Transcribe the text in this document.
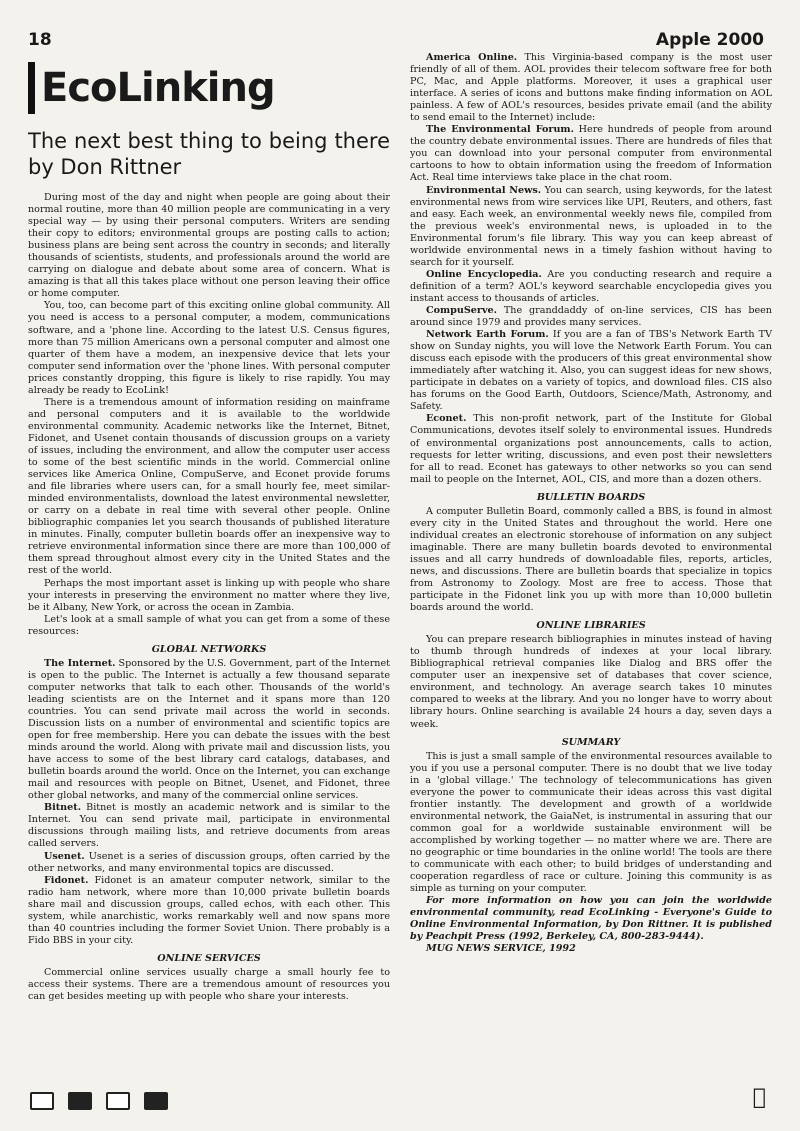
18	Apple 2000
EcoLinking
The next best thing to being there by Don Rittner

During most of the day and night when people are going about their normal routine, more than 40 million people are communicating in a very special way — by using their personal computers. Writers are sending their copy to editors; environmental groups are posting calls to action; business plans are being sent across the country in seconds; and literally thousands of scientists, students, and professionals around the world are carrying on dialogue and debate about some area of concern. What is amazing is that all this takes place without one person leaving their office or home computer.

You, too, can become part of this exciting online global community. All you need is access to a personal computer, a modem, communications software, and a 'phone line. According to the latest U.S. Census figures, more than 75 million Americans own a personal computer and almost one quarter of them have a modem, an inexpensive device that lets your computer send information over the 'phone lines. With personal computer prices constantly dropping, this figure is likely to rise rapidly. You may already be ready to EcoLink!

There is a tremendous amount of information residing on mainframe and personal computers and it is available to the worldwide environmental community. Academic networks like the Internet, Bitnet, Fidonet, and Usenet contain thousands of discussion groups on a variety of issues, including the environment, and allow the computer user access to some of the best scientific minds in the world. Commercial online services like America Online, CompuServe, and Econet provide forums and file libraries where users can, for a small hourly fee, meet similar-minded environmentalists, download the latest environmental newsletter, or carry on a debate in real time with several other people. Online bibliographic companies let you search thousands of published literature in minutes. Finally, computer bulletin boards offer an inexpensive way to retrieve environmental information since there are more than 100,000 of them spread throughout almost every city in the United States and the rest of the world.

Perhaps the most important asset is linking up with people who share your interests in preserving the environment no matter where they live, be it Albany, New York, or across the ocean in Zambia.

Let's look at a small sample of what you can get from a some of these resources:

GLOBAL NETWORKS

The Internet. Sponsored by the U.S. Government, part of the Internet is open to the public. The Internet is actually a few thousand separate computer networks that talk to each other. Thousands of the world's leading scientists are on the Internet and it spans more than 120 countries. You can send private mail across the world in seconds. Discussion lists on a number of environmental and scientific topics are open for free membership. Here you can debate the issues with the best minds around the world. Along with private mail and discussion lists, you have access to some of the best library card catalogs, databases, and bulletin boards around the world. Once on the Internet, you can exchange mail and resources with people on Bitnet, Usenet, and Fidonet, three other global networks, and many of the commercial online services.

Bitnet. Bitnet is mostly an academic network and is similar to the Internet. You can send private mail, participate in environmental discussions through mailing lists, and retrieve documents from areas called servers.

Usenet. Usenet is a series of discussion groups, often carried by the other networks, and many environmental topics are discussed.

Fidonet. Fidonet is an amateur computer network, similar to the radio ham network, where more than 10,000 private bulletin boards share mail and discussion groups, called echos, with each other. This system, while anarchistic, works remarkably well and now spans more than 40 countries including the former Soviet Union. There probably is a Fido BBS in your city.

ONLINE SERVICES

Commercial online services usually charge a small hourly fee to access their systems. There are a tremendous amount of resources you can get besides meeting up with people who share your interests.

America Online. This Virginia-based company is the most user friendly of all of them. AOL provides their telecom software free for both PC, Mac, and Apple platforms. Moreover, it uses a graphical user interface. A series of icons and buttons make finding information on AOL painless. A few of AOL's resources, besides private email (and the ability to send email to the Internet) include:

The Environmental Forum. Here hundreds of people from around the country debate environmental issues. There are hundreds of files that you can download into your personal computer from environmental cartoons to how to obtain information using the freedom of Information Act. Real time interviews take place in the chat room.

Environmental News. You can search, using keywords, for the latest environmental news from wire services like UPI, Reuters, and others, fast and easy. Each week, an environmental weekly news file, compiled from the previous week's environmental news, is uploaded in to the Environmental forum's file library. This way you can keep abreast of worldwide environmental news in a timely fashion without having to search for it yourself.

Online Encyclopedia. Are you conducting research and require a definition of a term? AOL's keyword searchable encyclopedia gives you instant access to thousands of articles.

CompuServe. The granddaddy of on-line services, CIS has been around since 1979 and provides many services.

Network Earth Forum. If you are a fan of TBS's Network Earth TV show on Sunday nights, you will love the Network Earth Forum. You can discuss each episode with the producers of this great environmental show immediately after watching it. Also, you can suggest ideas for new shows, participate in debates on a variety of topics, and download files. CIS also has forums on the Good Earth, Outdoors, Science/Math, Astronomy, and Safety.

Econet. This non-profit network, part of the Institute for Global Communications, devotes itself solely to environmental issues. Hundreds of environmental organizations post announcements, calls to action, requests for letter writing, discussions, and even post their newsletters for all to read. Econet has gateways to other networks so you can send mail to people on the Internet, AOL, CIS, and more than a dozen others.

BULLETIN BOARDS

A computer Bulletin Board, commonly called a BBS, is found in almost every city in the United States and throughout the world. Here one individual creates an electronic storehouse of information on any subject imaginable. There are many bulletin boards devoted to environmental issues and all carry hundreds of downloadable files, reports, articles, news, and discussions. There are bulletin boards that specialize in topics from Astronomy to Zoology. Most are free to access. Those that participate in the Fidonet link you up with more than 10,000 bulletin boards around the world.

ONLINE LIBRARIES

You can prepare research bibliographies in minutes instead of having to thumb through hundreds of indexes at your local library. Bibliographical retrieval companies like Dialog and BRS offer the computer user an inexpensive set of databases that cover science, environment, and technology. An average search takes 10 minutes compared to weeks at the library. And you no longer have to worry about library hours. Online searching is available 24 hours a day, seven days a week.

SUMMARY

This is just a small sample of the environmental resources available to you if you use a personal computer. There is no doubt that we live today in a 'global village.' The technology of telecommunications has given everyone the power to communicate their ideas across this vast digital frontier instantly. The development and growth of a worldwide environmental network, the GaiaNet, is instrumental in assuring that our common goal for a worldwide sustainable environment will be accomplished by working together — no matter where we are. There are no geographic or time boundaries in the online world! The tools are there to communicate with each other; to build bridges of understanding and cooperation regardless of race or culture. Joining this community is as simple as turning on your computer.

For more information on how you can join the worldwide environmental community, read EcoLinking - Everyone's Guide to Online Environmental Information, by Don Rittner. It is published by Peachpit Press (1992, Berkeley, CA, 800-283-9444).

MUG NEWS SERVICE, 1992
